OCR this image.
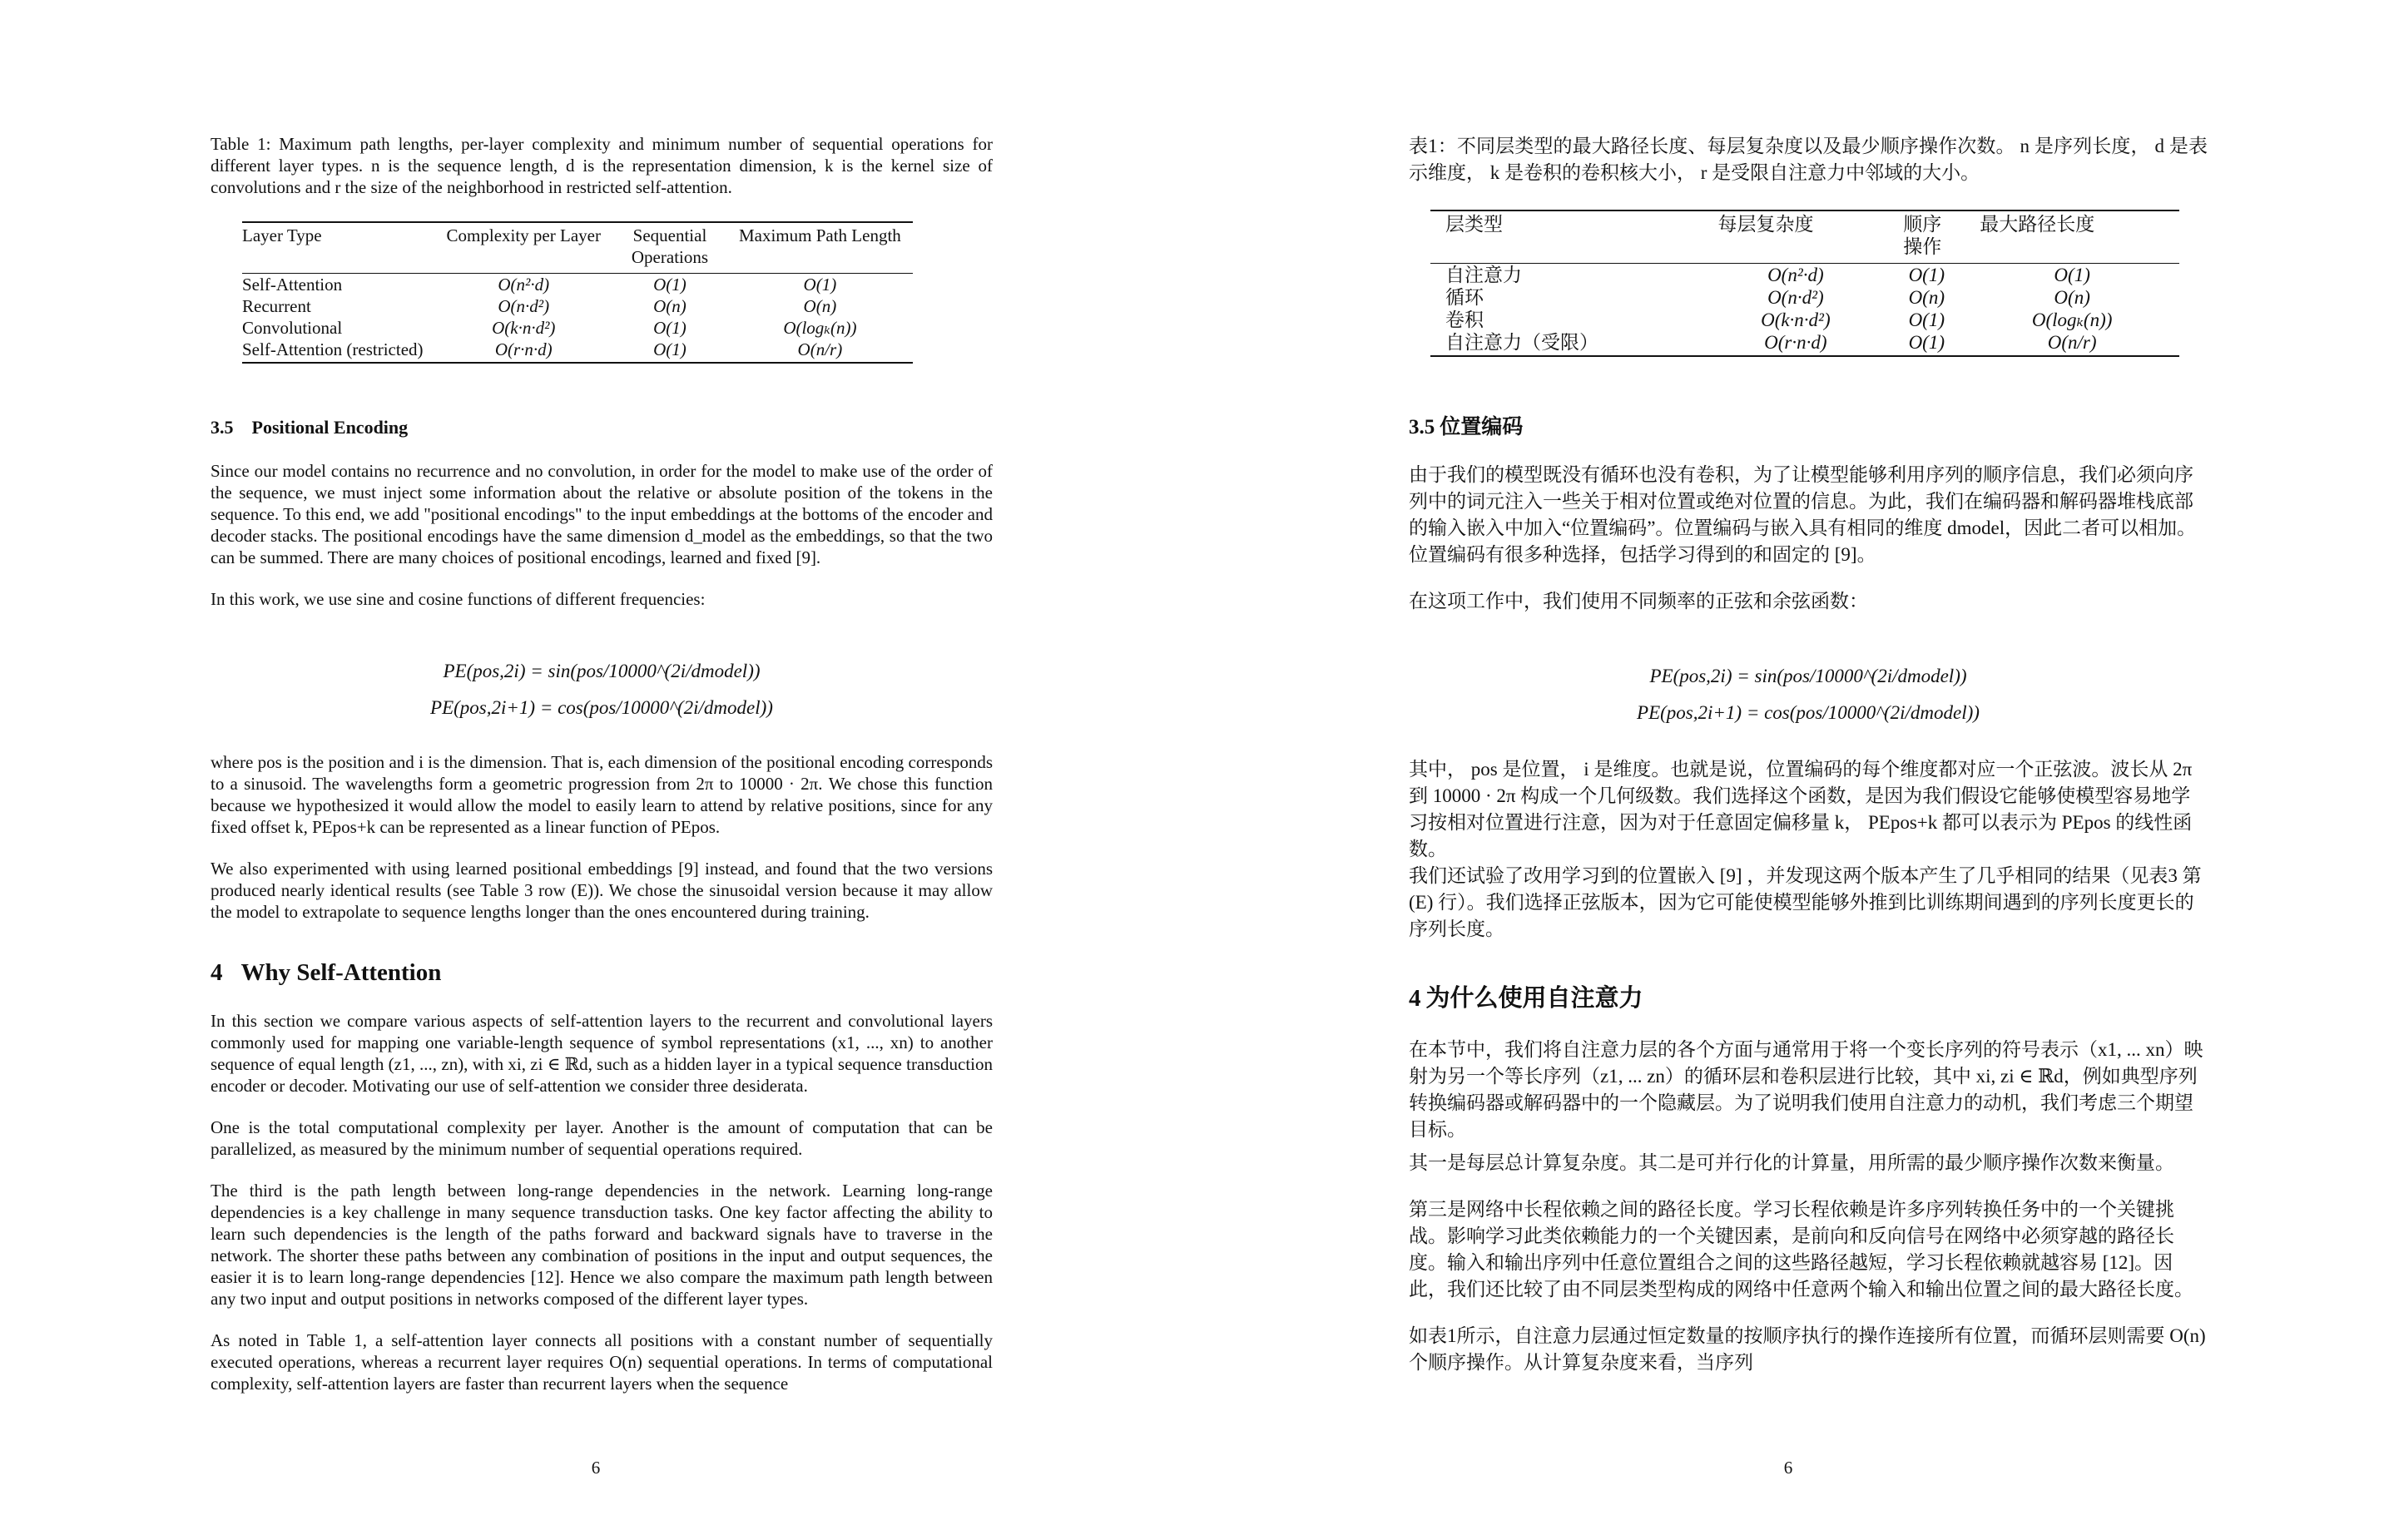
Table 1: Maximum path lengths, per-layer complexity and minimum number of sequential operations for different layer types. n is the sequence length, d is the representation dimension, k is the kernel size of convolutions and r the size of the neighborhood in restricted self-attention.
Layer Type	Complexity per Layer	Sequential Operations	Maximum Path Length
Self-Attention	O(n²·d)	O(1)	O(1)
Recurrent	O(n·d²)	O(n)	O(n)
Convolutional	O(k·n·d²)	O(1)	O(logₖ(n))
Self-Attention (restricted)	O(r·n·d)	O(1)	O(n/r)
3.5 Positional Encoding

Since our model contains no recurrence and no convolution, in order for the model to make use of the order of the sequence, we must inject some information about the relative or absolute position of the tokens in the sequence. To this end, we add "positional encodings" to the input embeddings at the bottoms of the encoder and decoder stacks. The positional encodings have the same dimension d_model as the embeddings, so that the two can be summed. There are many choices of positional encodings, learned and fixed [9].

In this work, we use sine and cosine functions of different frequencies:

PE(pos,2i) = sin(pos/10000^(2i/dmodel))
PE(pos,2i+1) = cos(pos/10000^(2i/dmodel))

where pos is the position and i is the dimension. That is, each dimension of the positional encoding corresponds to a sinusoid. The wavelengths form a geometric progression from 2π to 10000 · 2π. We chose this function because we hypothesized it would allow the model to easily learn to attend by relative positions, since for any fixed offset k, PEpos+k can be represented as a linear function of PEpos.

We also experimented with using learned positional embeddings [9] instead, and found that the two versions produced nearly identical results (see Table 3 row (E)). We chose the sinusoidal version because it may allow the model to extrapolate to sequence lengths longer than the ones encountered during training.

4 Why Self-Attention

In this section we compare various aspects of self-attention layers to the recurrent and convolutional layers commonly used for mapping one variable-length sequence of symbol representations (x1, ..., xn) to another sequence of equal length (z1, ..., zn), with xi, zi ∈ ℝd, such as a hidden layer in a typical sequence transduction encoder or decoder. Motivating our use of self-attention we consider three desiderata.

One is the total computational complexity per layer. Another is the amount of computation that can be parallelized, as measured by the minimum number of sequential operations required.

The third is the path length between long-range dependencies in the network. Learning long-range dependencies is a key challenge in many sequence transduction tasks. One key factor affecting the ability to learn such dependencies is the length of the paths forward and backward signals have to traverse in the network. The shorter these paths between any combination of positions in the input and output sequences, the easier it is to learn long-range dependencies [12]. Hence we also compare the maximum path length between any two input and output positions in networks composed of the different layer types.

As noted in Table 1, a self-attention layer connects all positions with a constant number of sequentially executed operations, whereas a recurrent layer requires O(n) sequential operations. In terms of computational complexity, self-attention layers are faster than recurrent layers when the sequence

6
表1：不同层类型的最大路径长度、每层复杂度以及最少顺序操作次数。 n 是序列长度， d 是表示维度， k 是卷积的卷积核大小， r 是受限自注意力中邻域的大小。
层类型	每层复杂度	顺序操作	最大路径长度
自注意力	O(n²·d)	O(1)	O(1)
循环	O(n·d²)	O(n)	O(n)
卷积	O(k·n·d²)	O(1)	O(logₖ(n))
自注意力（受限）	O(r·n·d)	O(1)	O(n/r)
3.5 位置编码

由于我们的模型既没有循环也没有卷积，为了让模型能够利用序列的顺序信息，我们必须向序列中的词元注入一些关于相对位置或绝对位置的信息。为此，我们在编码器和解码器堆栈底部的输入嵌入中加入“位置编码”。位置编码与嵌入具有相同的维度 dmodel，因此二者可以相加。位置编码有很多种选择，包括学习得到的和固定的 [9]。

在这项工作中，我们使用不同频率的正弦和余弦函数：

PE(pos,2i) = sin(pos/10000^(2i/dmodel))
PE(pos,2i+1) = cos(pos/10000^(2i/dmodel))

其中， pos 是位置， i 是维度。也就是说，位置编码的每个维度都对应一个正弦波。波长从 2π 到 10000 · 2π 构成一个几何级数。我们选择这个函数，是因为我们假设它能够使模型容易地学习按相对位置进行注意，因为对于任意固定偏移量 k， PEpos+k 都可以表示为 PEpos 的线性函数。

我们还试验了改用学习到的位置嵌入 [9] ，并发现这两个版本产生了几乎相同的结果（见表3 第 (E) 行）。我们选择正弦版本，因为它可能使模型能够外推到比训练期间遇到的序列长度更长的序列长度。

4 为什么使用自注意力

在本节中，我们将自注意力层的各个方面与通常用于将一个变长序列的符号表示（x1, ... xn）映射为另一个等长序列（z1, ... zn）的循环层和卷积层进行比较，其中 xi, zi ∈ ℝd，例如典型序列转换编码器或解码器中的一个隐藏层。为了说明我们使用自注意力的动机，我们考虑三个期望目标。

其一是每层总计算复杂度。其二是可并行化的计算量，用所需的最少顺序操作次数来衡量。

第三是网络中长程依赖之间的路径长度。学习长程依赖是许多序列转换任务中的一个关键挑战。影响学习此类依赖能力的一个关键因素，是前向和反向信号在网络中必须穿越的路径长度。输入和输出序列中任意位置组合之间的这些路径越短，学习长程依赖就越容易 [12]。因此，我们还比较了由不同层类型构成的网络中任意两个输入和输出位置之间的最大路径长度。

如表1所示，自注意力层通过恒定数量的按顺序执行的操作连接所有位置，而循环层则需要 O(n) 个顺序操作。从计算复杂度来看，当序列

6
